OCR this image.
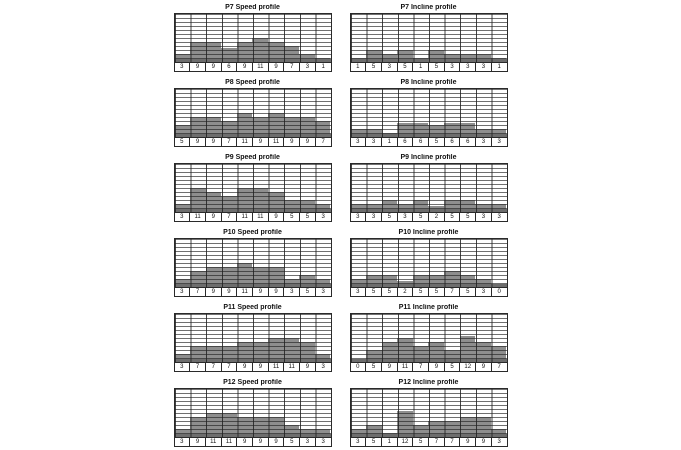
P7 Speed profile
3	9	9	6	9	11	9	7	3	1
P7 Incline profile
1	5	3	5	1	5	3	3	3	1
P8 Speed profile
5	9	9	7	11	9	11	9	9	7
P8 Incline profile
3	3	1	6	6	5	6	6	3	3
P9 Speed profile
3	11	9	7	11	11	9	5	5	3
P9 Incline profile
3	3	5	3	5	2	5	5	3	3
P10 Speed profile
3	7	9	9	11	9	9	3	5	3
P10 Incline profile
3	5	5	2	5	5	7	5	3	0
P11 Speed profile
3	7	7	7	9	9	11	11	9	3
P11 Incline profile
0	5	9	11	7	9	5	12	9	7
P12 Speed profile
3	9	11	11	9	9	9	5	3	3
P12 Incline profile
3	5	1	12	5	7	7	9	9	3
